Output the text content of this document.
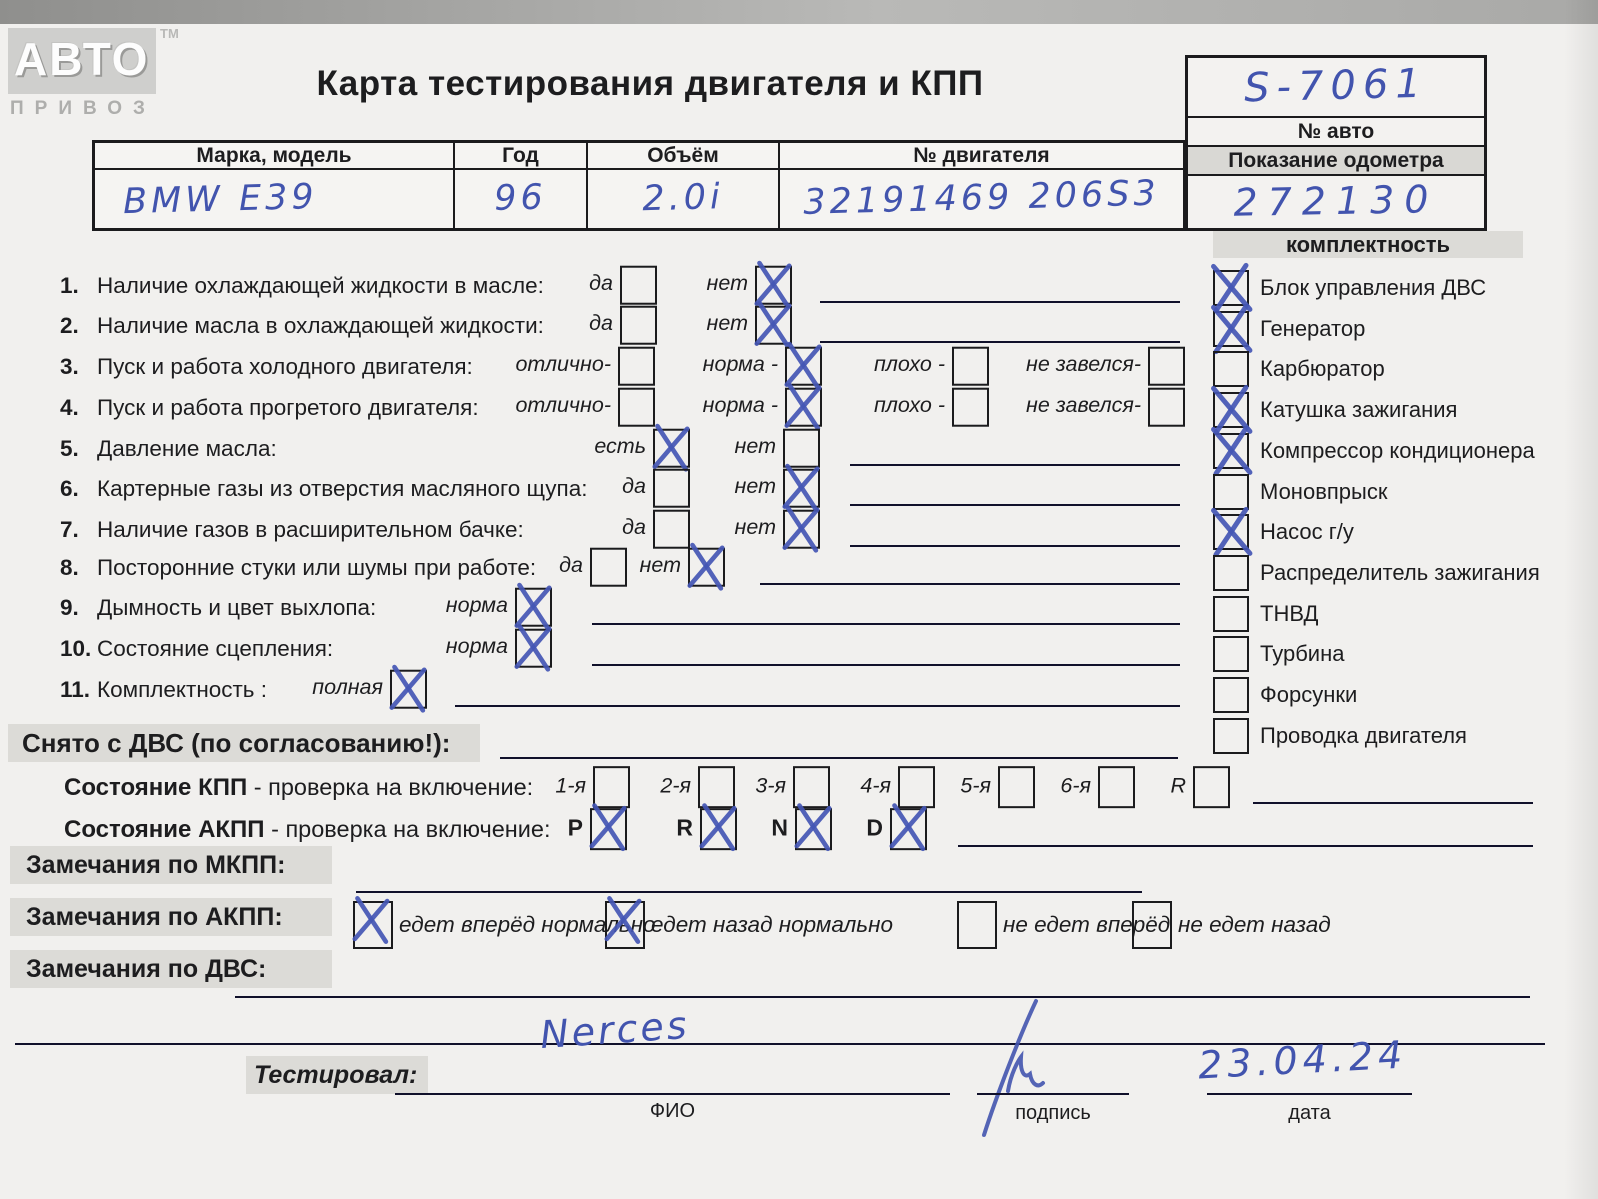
АВТО TM
ПРИВОЗ
Карта тестирования двигателя и КПП	S-7061
№ авто
Показание одометра
272130
Марка, модель	Год	Объём	№ двигателя
BMW E39	96	2.0i	32191469 206S3
1. Наличие охлаждающей жидкости в масле: да	нет
2. Наличие масла в охлаждающей жидкости: да	нет
3. Пуск и работа холодного двигателя: отлично-	норма -	плохо -	не завелся-
4. Пуск и работа прогретого двигателя: отлично-	норма -	плохо -	не завелся-
5. Давление масла:	есть	нет
6. Картерные газы из отверстия масляного щупа: да	нет
7. Наличие газов в расширительном бачке:	да	нет
8. Посторонние стуки или шумы при работе: да	нет
9. Дымность и цвет выхлопа:	норма
10. Состояние сцепления:	норма
11. Комплектность : полная
комплектность
Блок управления ДВС
Генератор
Карбюратор
Катушка зажигания
Компрессор кондиционера
Моновпрыск
Насос г/у
Распределитель зажигания
ТНВД
Турбина
Форсунки
Проводка двигателя
Снято с ДВС (по согласованию!):
Состояние КПП - проверка на включение: 1-я	2-я	3-я	4-я	5-я	6-я	R
Состояние АКПП - проверка на включение: P	R	N	D
Замечания по МКПП:
Замечания по АКПП:	едет вперёд нормально
едет назад нормально	не едет вперёд не едет назад
Замечания по ДВС:
Тестировал:
Nerces
ФИО	подпись
23.04.24
дата
